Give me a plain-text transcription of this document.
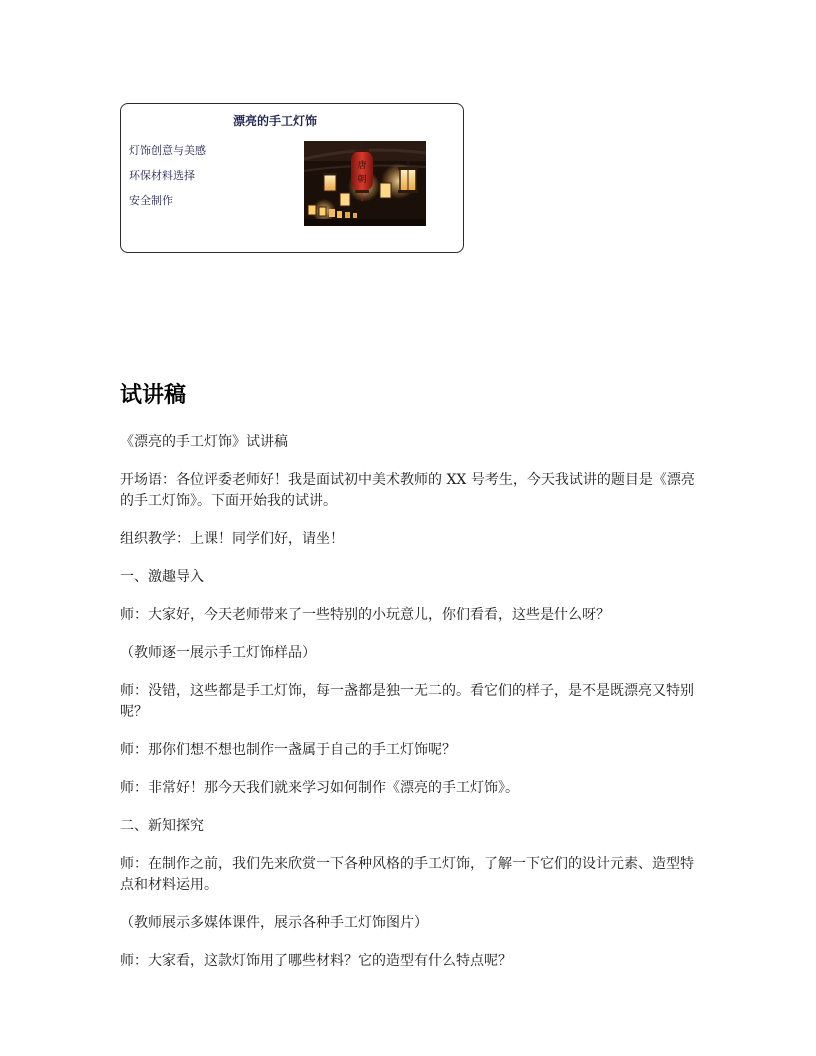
漂亮的手工灯饰
灯饰创意与美感
环保材料选择
安全制作
唐
朝
试讲稿

《漂亮的手工灯饰》试讲稿

开场语：各位评委老师好！我是面试初中美术教师的 XX 号考生，今天我试讲的题目是《漂亮的手工灯饰》。下面开始我的试讲。

组织教学：上课！同学们好，请坐！

一、激趣导入

师：大家好，今天老师带来了一些特别的小玩意儿，你们看看，这些是什么呀？

（教师逐一展示手工灯饰样品）

师：没错，这些都是手工灯饰，每一盏都是独一无二的。看它们的样子，是不是既漂亮又特别呢？

师：那你们想不想也制作一盏属于自己的手工灯饰呢？

师：非常好！那今天我们就来学习如何制作《漂亮的手工灯饰》。

二、新知探究

师：在制作之前，我们先来欣赏一下各种风格的手工灯饰，了解一下它们的设计元素、造型特点和材料运用。

（教师展示多媒体课件，展示各种手工灯饰图片）

师：大家看，这款灯饰用了哪些材料？它的造型有什么特点呢？
